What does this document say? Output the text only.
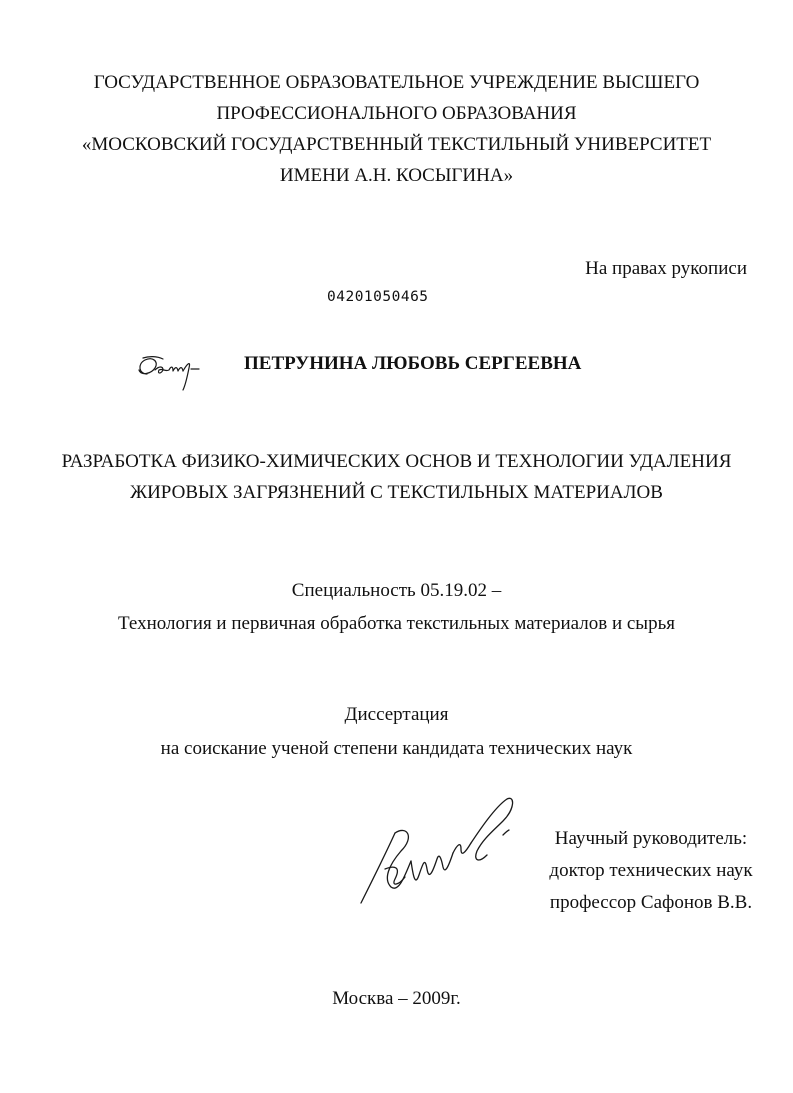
ГОСУДАРСТВЕННОЕ ОБРАЗОВАТЕЛЬНОЕ УЧРЕЖДЕНИЕ ВЫСШЕГО
ПРОФЕССИОНАЛЬНОГО ОБРАЗОВАНИЯ
«МОСКОВСКИЙ ГОСУДАРСТВЕННЫЙ ТЕКСТИЛЬНЫЙ УНИВЕРСИТЕТ
ИМЕНИ А.Н. КОСЫГИНА»
На правах рукописи
04201050465
ПЕТРУНИНА ЛЮБОВЬ СЕРГЕЕВНА
РАЗРАБОТКА ФИЗИКО-ХИМИЧЕСКИХ ОСНОВ И ТЕХНОЛОГИИ УДАЛЕНИЯ
ЖИРОВЫХ ЗАГРЯЗНЕНИЙ С ТЕКСТИЛЬНЫХ МАТЕРИАЛОВ
Специальность 05.19.02 –
Технология и первичная обработка текстильных материалов и сырья
Диссертация
на соискание ученой степени кандидата технических наук
Научный руководитель:
доктор технических наук
профессор Сафонов В.В.
Москва – 2009г.
